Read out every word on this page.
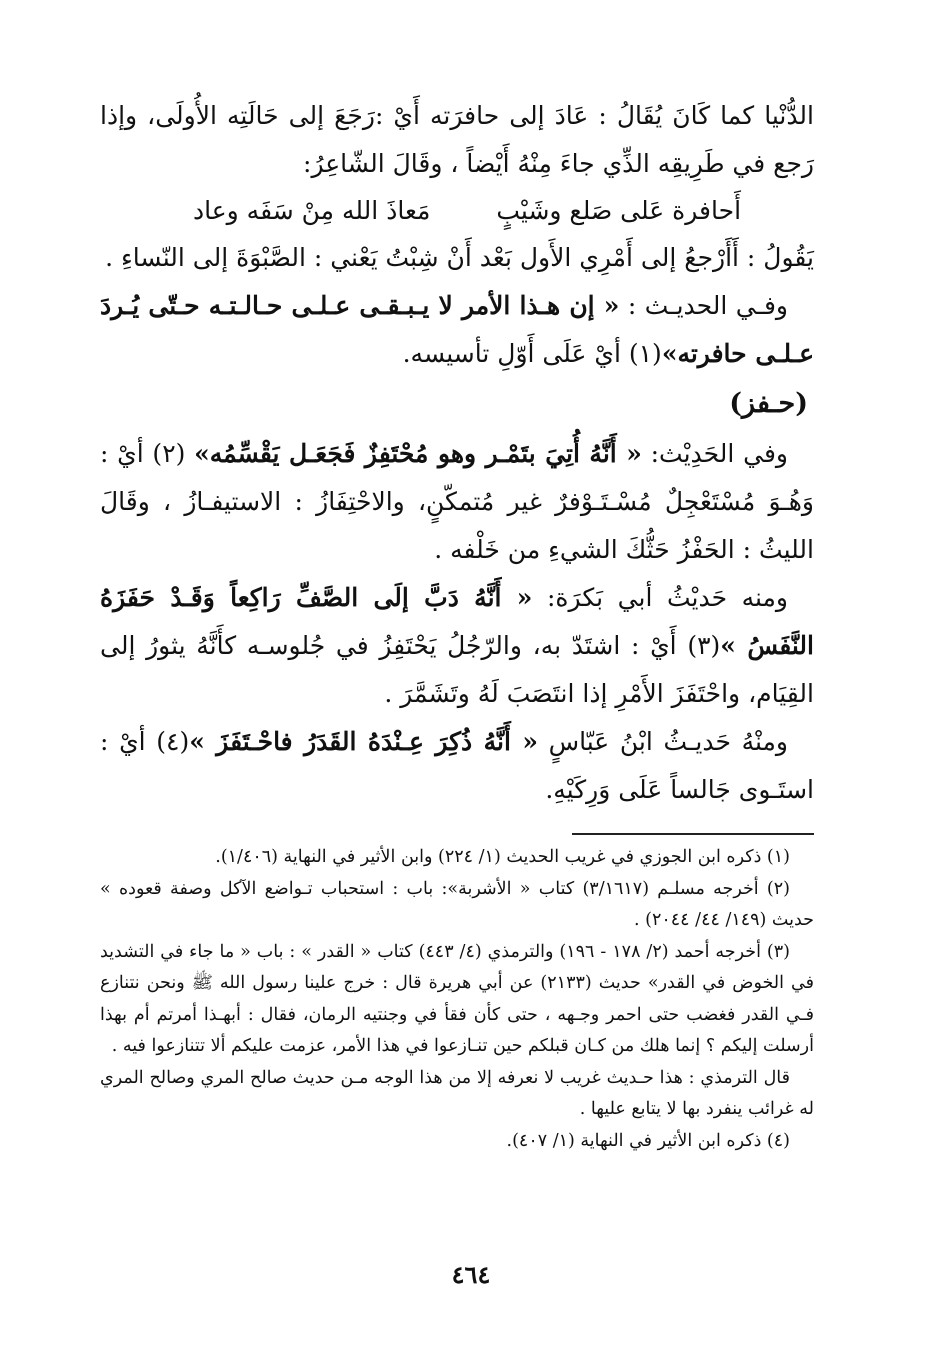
الدُّنْيا كما كَانَ يُقَالُ : عَادَ إلى حافرَته أَيْ :رَجَعَ إلى حَالَتِه الأُولَى، وإذا رَجع في طَرِيقِه الذِّي جاءَ مِنْهُ أَيْضاً ، وقَالَ الشّاعِرُ:

أَحافرة عَلى صَلع وشَيْبٍ
مَعاذَ الله مِنْ سَفَه وعاد

يَقُولُ : أَأَرْجعُ إلى أَمْرِي الأَول بَعْد أَنْ شِبْتُ يَعْني : الصَّبْوَةَ إلى النّساءِ .

وفـي الحديـث : « إن هـذا الأمر لا يـبـقـى عـلـى حـالـتـه حـتّى يُـردَ عـلـى حافرته»(١) أيْ عَلَى أَوّلِ تأسيسه.

(حـفز)

وفي الحَدِيْث: « أَنَّهُ أُتِيَ بتَمْـر وهو مُحْتَفِزٌ فَجَعَـل يَقْسِّمُه» (٢) أيْ : وَهُـوَ مُسْتَعْجِلٌ مُسْـتَـوْفرٌ غير مُتمكّنٍ، والاحْتِفَازُ : الاستيفـازُ ، وقَالَ الليثُ : الحَفْزُ حَثُّكَ الشيءِ من خَلْفه .

ومنه حَديْثُ أبي بَكرَة: « أَنَّهُ دَبَّ إلَى الصَّفِّ رَاكِعاً وَقَـدْ حَفَزَهُ النَّفَسُ »(٣) أَيْ : اشتَدّ به، والرّجُلُ يَحْتَفِزُ في جُلوسـه كأَنَّهُ يثورُ إلى القِيَام، واحْتَفَزَ الأَمْرِ إذا انتَصَبَ لَهُ وتَشَمَّرَ .

ومنْهُ حَديـثُ ابْنُ عَبّاسٍ « أَنَّهُ ذُكِرَ عِـنْدَهُ القَدَرُ فاحْـتَفَزَ »(٤) أيْ : استَـوى جَالساً عَلَى وَرِكَيْهِ.

(١) ذكره ابن الجوزي في غريب الحديث (١/ ٢٢٤) وابن الأثير في النهاية (١/٤٠٦).

(٢) أخرجه مسلـم (٣/١٦١٧) كتاب « الأشربة»: باب : استحباب تـواضع الآكل وصفة قعوده » حديث (١٤٩/ ٤٤/ ٢٠٤٤) .

(٣) أخرجه أحمد (٢/ ١٧٨ - ١٩٦) والترمذي (٤/ ٤٤٣) كتاب « القدر » : باب « ما جاء في التشديد في الخوض في القدر» حديث (٢١٣٣) عن أبي هريرة قال : خرج علينا رسول الله ﷺ ونحن نتنازع فـي القدر فغضب حتى احمر وجـهه ، حتى كأن فقأ في وجنتيه الرمان، فقال : أبهـذا أمرتم أم بهذا أرسلت إليكم ؟ إنما هلك من كـان قبلكم حين تنـازعوا في هذا الأمر، عزمت عليكم ألا تتنازعوا فيه .

قال الترمذي : هذا حـديث غريب لا نعرفه إلا من هذا الوجه مـن حديث صالح المري وصالح المري له غرائب ينفرد بها لا يتابع عليها .

(٤) ذكره ابن الأثير في النهاية (١/ ٤٠٧).

٤٦٤
